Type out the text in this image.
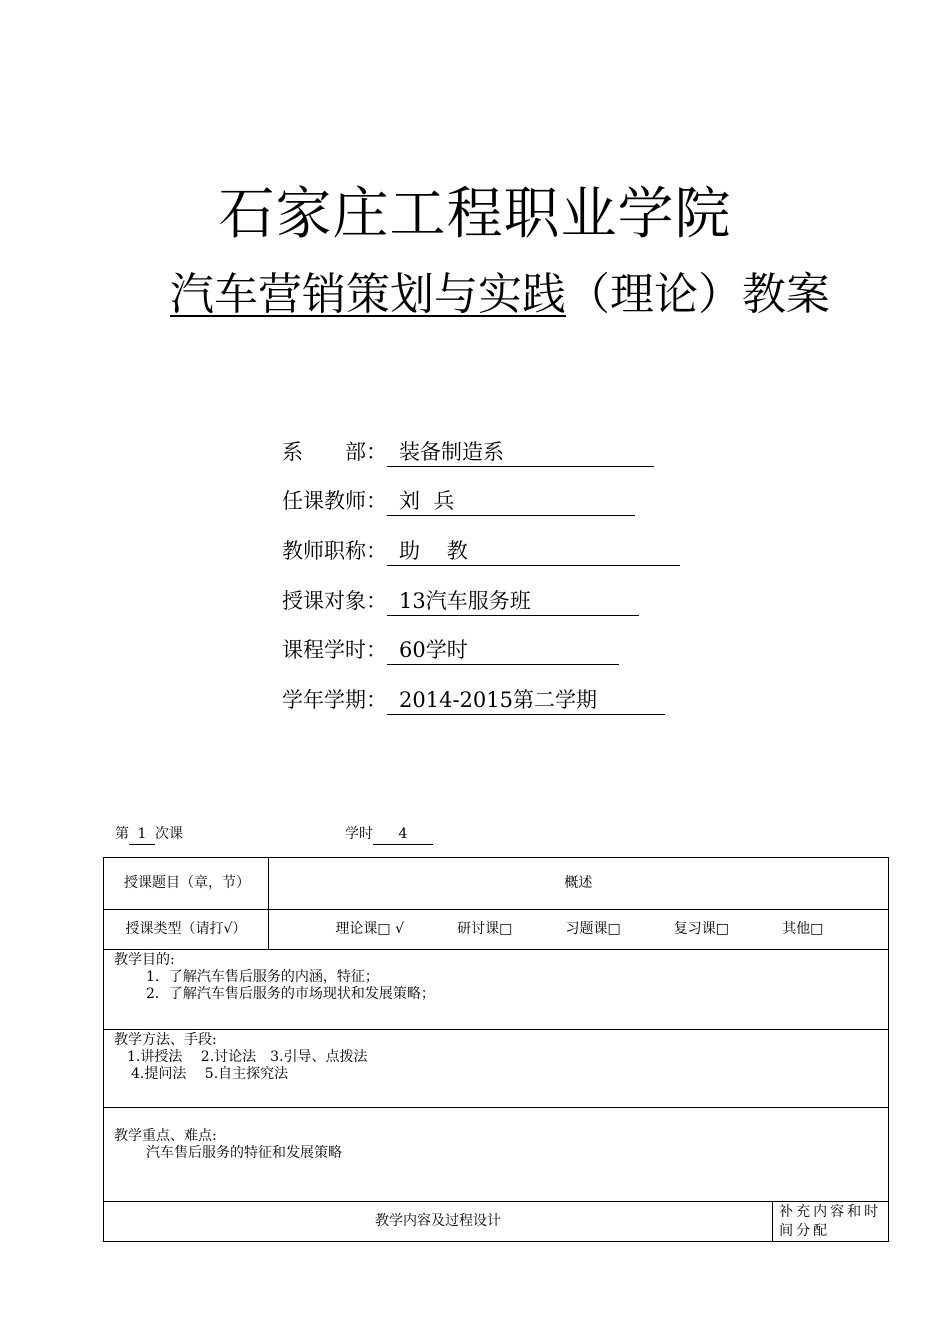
石家庄工程职业学院
汽车营销策划与实践（理论）教案
系　　部： 装备制造系
任课教师： 刘  兵
教师职称： 助    教
授课对象： 13汽车服务班
课程学时： 60学时
学年学期： 2014-2015第二学期
第 1 次课	学时 4
授课题目（章，节）	概述	
授课类型（请打√）	理论课□ √ 研讨课□ 习题课□ 复习课□ 其他□	

教学目的:
1．了解汽车售后服务的内涵，特征；
2．了解汽车售后服务的市场现状和发展策略；		

教学方法、手段:
1.讲授法　 2.讨论法　3.引导、点拨法
4.提问法　 5.自主探究法		

教学重点、难点:
汽车售后服务的特征和发展策略		

教学内容及过程设计		补充内容和时间分配
